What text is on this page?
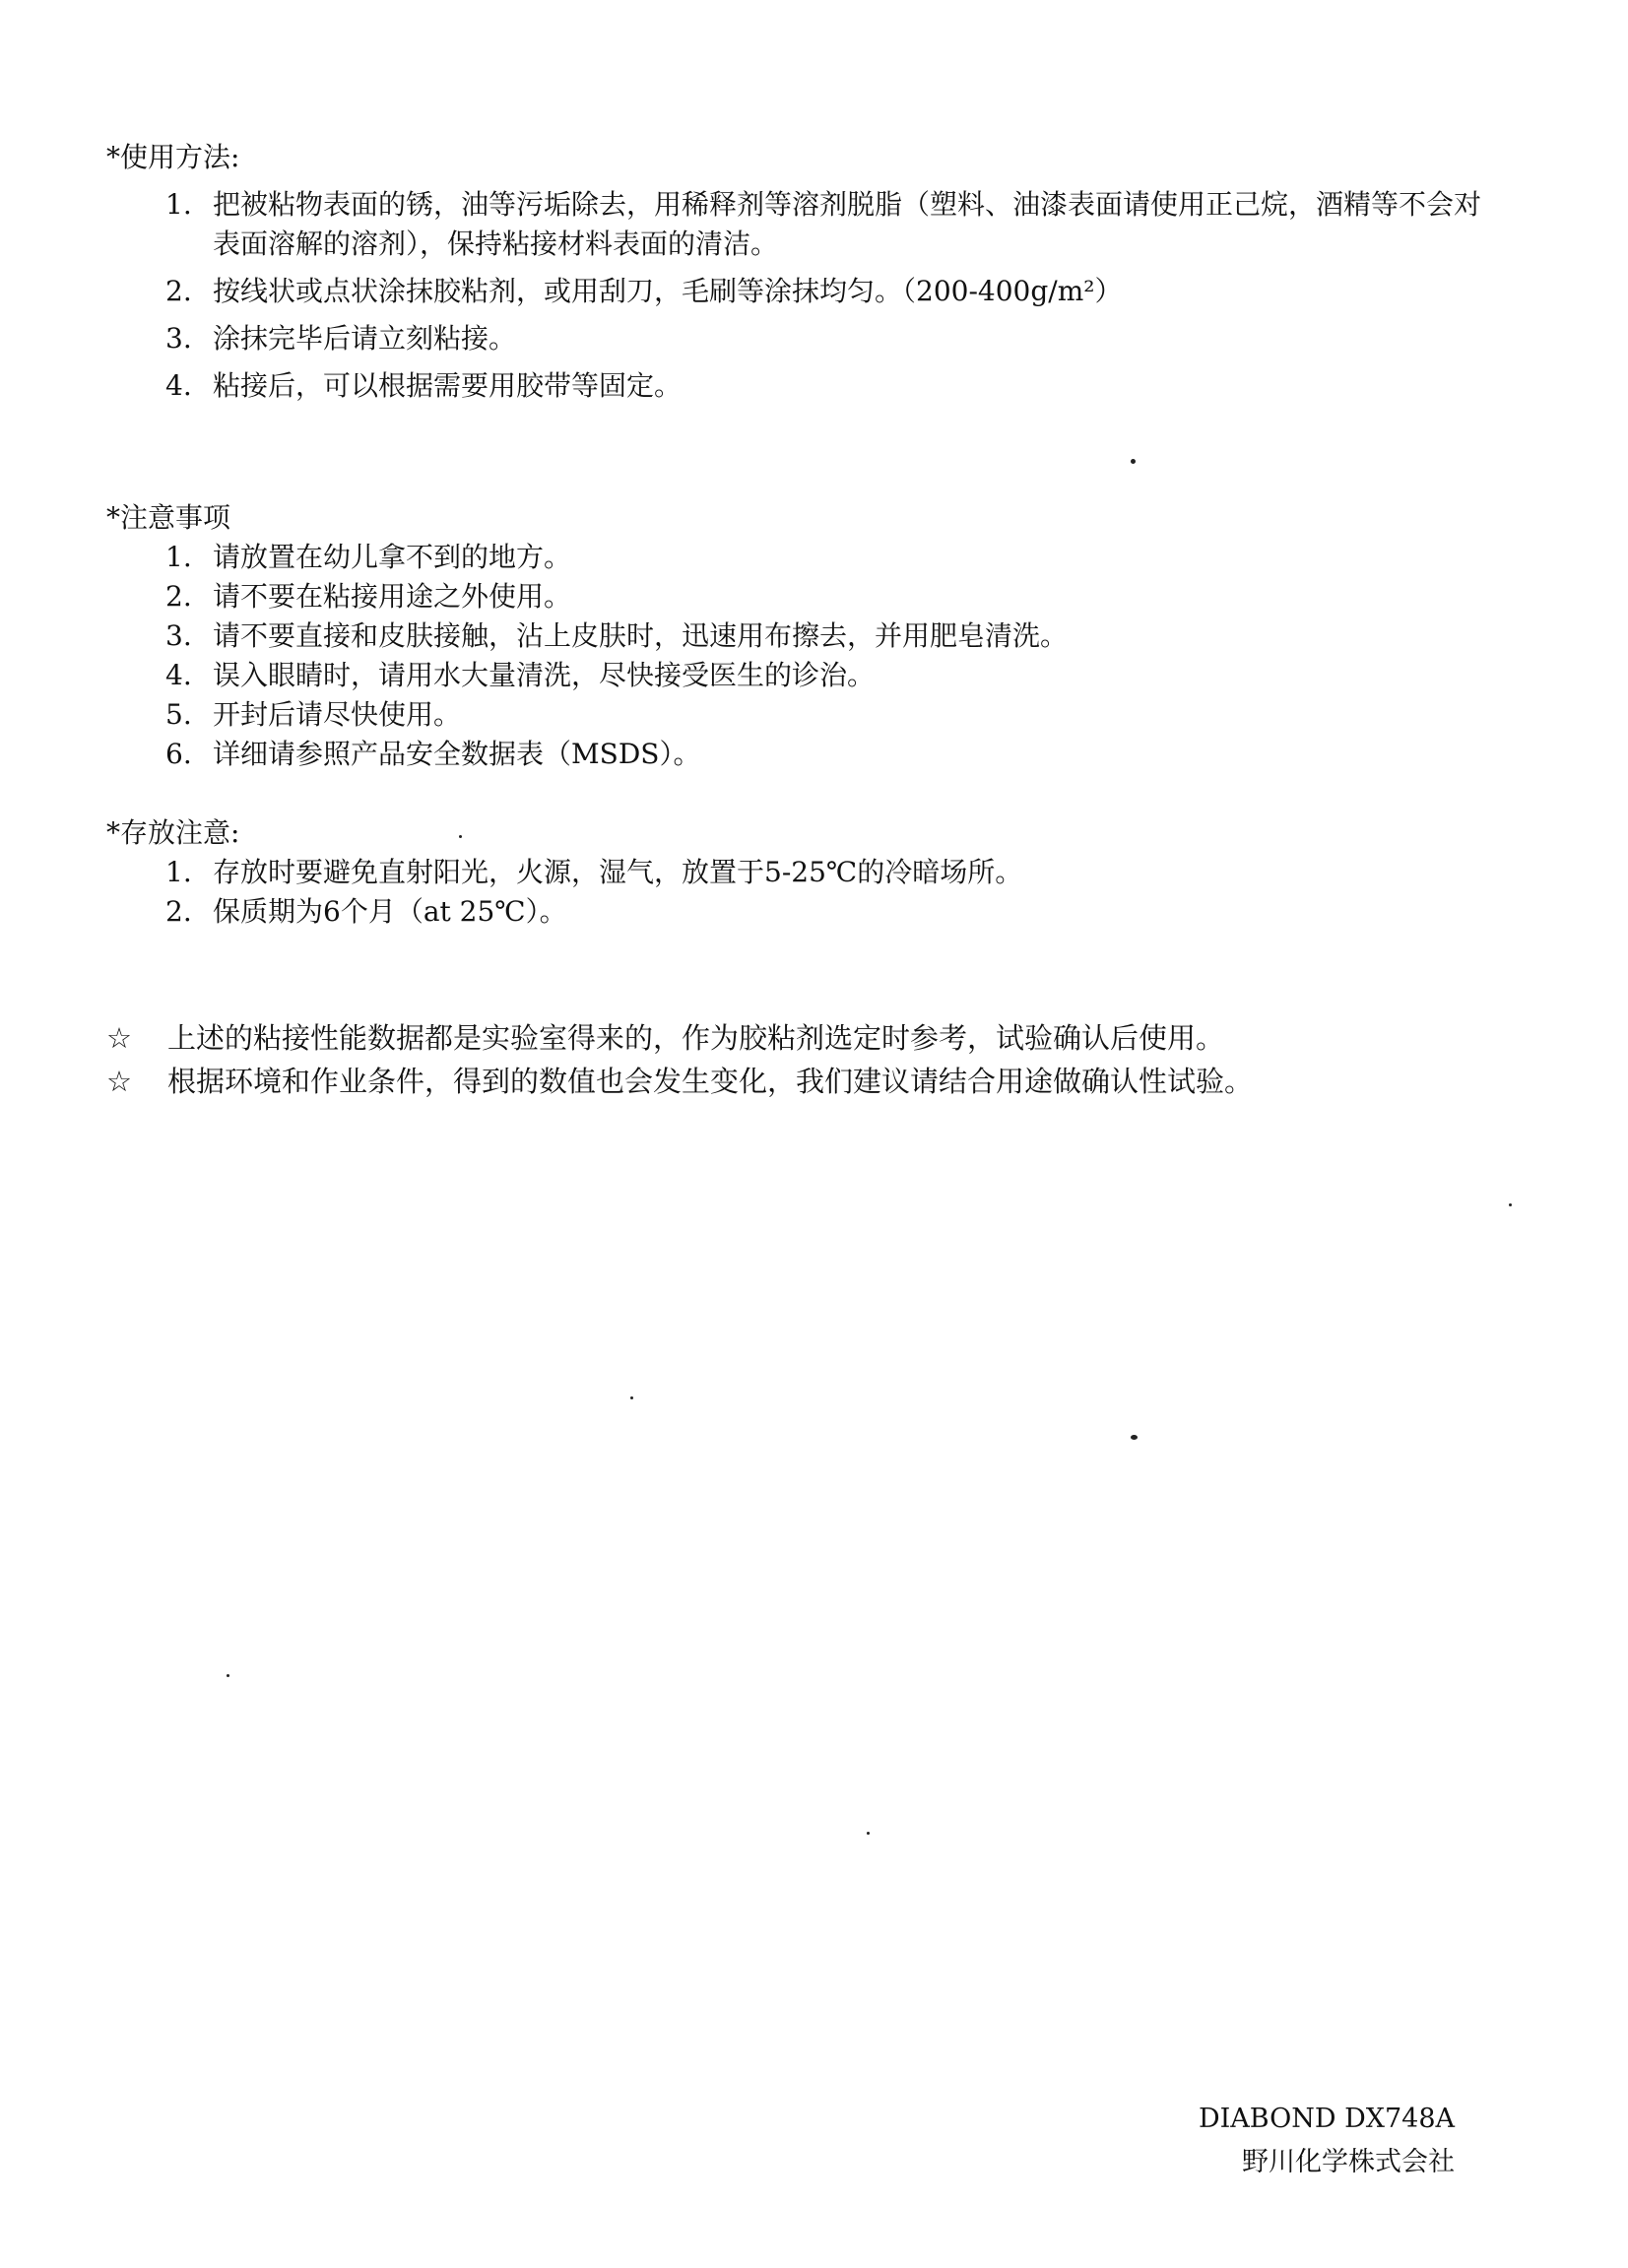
*使用方法:
1. 把被粘物表面的锈，油等污垢除去，用稀释剂等溶剂脱脂（塑料、油漆表面请使用正己烷，酒精等不会对表面溶解的溶剂），保持粘接材料表面的清洁。
2. 按线状或点状涂抹胶粘剂，或用刮刀，毛刷等涂抹均匀。（200-400g/m²）
3. 涂抹完毕后请立刻粘接。
4. 粘接后，可以根据需要用胶带等固定。
*注意事项
1. 请放置在幼儿拿不到的地方。
2. 请不要在粘接用途之外使用。
3. 请不要直接和皮肤接触，沾上皮肤时，迅速用布擦去，并用肥皂清洗。
4. 误入眼睛时，请用水大量清洗，尽快接受医生的诊治。
5. 开封后请尽快使用。
6. 详细请参照产品安全数据表（MSDS）。
*存放注意:
1. 存放时要避免直射阳光，火源，湿气，放置于5-25℃的冷暗场所。
2. 保质期为6个月（at 25℃）。
☆	上述的粘接性能数据都是实验室得来的，作为胶粘剂选定时参考，试验确认后使用。
☆	根据环境和作业条件，得到的数值也会发生变化，我们建议请结合用途做确认性试验。
DIABOND DX748A
野川化学株式会社
